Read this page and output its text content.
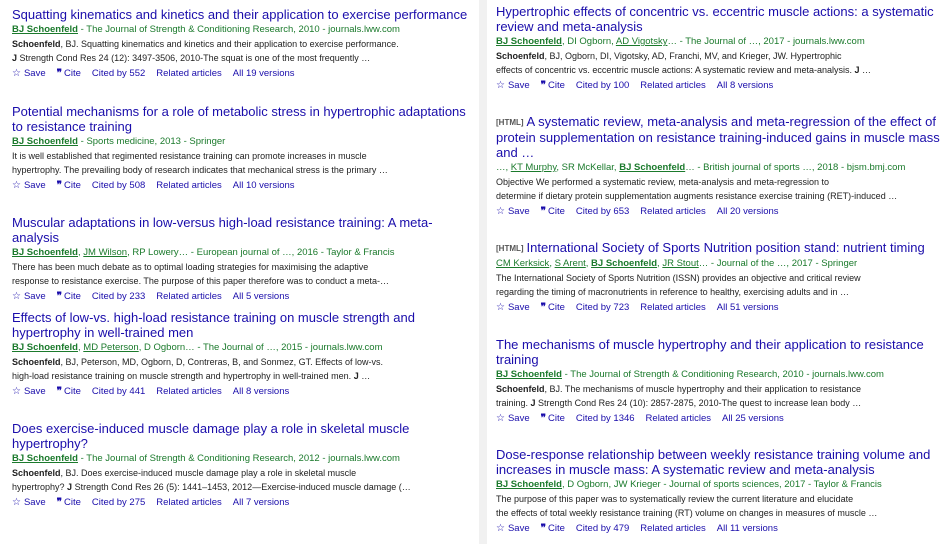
Squatting kinematics and kinetics and their application to exercise performance
BJ Schoenfeld - The Journal of Strength & Conditioning Research, 2010 - journals.lww.com
Schoenfeld, BJ. Squatting kinematics and kinetics and their application to exercise performance.
J Strength Cond Res 24 (12): 3497-3506, 2010-The squat is one of the most frequently …
☆ Save ❞ Cite Cited by 552 Related articles All 19 versions
Potential mechanisms for a role of metabolic stress in hypertrophic adaptations to resistance training
BJ Schoenfeld - Sports medicine, 2013 - Springer
It is well established that regimented resistance training can promote increases in muscle
hypertrophy. The prevailing body of research indicates that mechanical stress is the primary …
☆ Save ❞ Cite Cited by 508 Related articles All 10 versions
Muscular adaptations in low-versus high-load resistance training: A meta-analysis
BJ Schoenfeld, JM Wilson, RP Lowery… - European journal of …, 2016 - Taylor & Francis
There has been much debate as to optimal loading strategies for maximising the adaptive
response to resistance exercise. The purpose of this paper therefore was to conduct a meta-…
☆ Save ❞ Cite Cited by 233 Related articles All 5 versions
Effects of low-vs. high-load resistance training on muscle strength and hypertrophy in well-trained men
BJ Schoenfeld, MD Peterson, D Ogborn… - The Journal of …, 2015 - journals.lww.com
Schoenfeld, BJ, Peterson, MD, Ogborn, D, Contreras, B, and Sonmez, GT. Effects of low-vs.
high-load resistance training on muscle strength and hypertrophy in well-trained men. J …
☆ Save ❞ Cite Cited by 441 Related articles All 8 versions
Does exercise-induced muscle damage play a role in skeletal muscle hypertrophy?
BJ Schoenfeld - The Journal of Strength & Conditioning Research, 2012 - journals.lww.com
Schoenfeld, BJ. Does exercise-induced muscle damage play a role in skeletal muscle
hypertrophy? J Strength Cond Res 26 (5): 1441–1453, 2012—Exercise-induced muscle damage (…
☆ Save ❞ Cite Cited by 275 Related articles All 7 versions
Hypertrophic effects of concentric vs. eccentric muscle actions: a systematic review and meta-analysis
BJ Schoenfeld, DI Ogborn, AD Vigotsky… - The Journal of …, 2017 - journals.lww.com
Schoenfeld, BJ, Ogborn, DI, Vigotsky, AD, Franchi, MV, and Krieger, JW. Hypertrophic
effects of concentric vs. eccentric muscle actions: A systematic review and meta-analysis. J …
☆ Save ❞ Cite Cited by 100 Related articles All 8 versions
[HTML] A systematic review, meta-analysis and meta-regression of the effect of protein supplementation on resistance training-induced gains in muscle mass and …
…, KT Murphy, SR McKellar, BJ Schoenfeld… - British journal of sports …, 2018 - bjsm.bmj.com
Objective We performed a systematic review, meta-analysis and meta-regression to
determine if dietary protein supplementation augments resistance exercise training (RET)-induced …
☆ Save ❞ Cite Cited by 653 Related articles All 20 versions
[HTML] International Society of Sports Nutrition position stand: nutrient timing
CM Kerksick, S Arent, BJ Schoenfeld, JR Stout… - Journal of the …, 2017 - Springer
The International Society of Sports Nutrition (ISSN) provides an objective and critical review
regarding the timing of macronutrients in reference to healthy, exercising adults and in …
☆ Save ❞ Cite Cited by 723 Related articles All 51 versions
The mechanisms of muscle hypertrophy and their application to resistance training
BJ Schoenfeld - The Journal of Strength & Conditioning Research, 2010 - journals.lww.com
Schoenfeld, BJ. The mechanisms of muscle hypertrophy and their application to resistance
training. J Strength Cond Res 24 (10): 2857-2875, 2010-The quest to increase lean body …
☆ Save ❞ Cite Cited by 1346 Related articles All 25 versions
Dose-response relationship between weekly resistance training volume and increases in muscle mass: A systematic review and meta-analysis
BJ Schoenfeld, D Ogborn, JW Krieger - Journal of sports sciences, 2017 - Taylor & Francis
The purpose of this paper was to systematically review the current literature and elucidate
the effects of total weekly resistance training (RT) volume on changes in measures of muscle …
☆ Save ❞ Cite Cited by 479 Related articles All 11 versions
